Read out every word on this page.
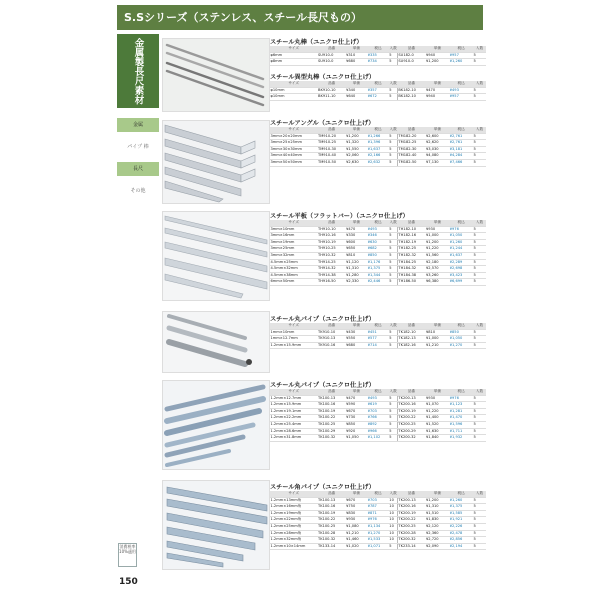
S.Sシリーズ（ステンレス、スチール長尺もの）
金属製長尺素材
金属
パイプ 棒
長尺
その他
消費税率 10%適用
150
スチール丸棒（ユニクロ仕上げ）
スチール異型丸棒（ユニクロ仕上げ）
スチールアングル（ユニクロ仕上げ）
スチール平板（フラットバー）（ユニクロ仕上げ）
スチール丸パイプ（ユニクロ仕上げ）
スチール丸パイプ（ユニクロ仕上げ）
スチール角パイプ（ユニクロ仕上げ）
サイズ	品番	単価	税込	入数	品番	単価	税込	入数
φ6mm	SU910-0	¥310	¥335	5	SU182-0	¥940	¥957	5
φ8mm	SU910-0	¥680	¥734	5	SU910-0	¥1,200	¥1,260	5
サイズ	品番	単価	税込	入数	品番	単価	税込	入数
φ10mm	BK910-10	¥340	¥357	5	BK182-10	¥470	¥493	5
φ10mm	BK911-10	¥640	¥672	5	BK182-10	¥940	¥957	5
サイズ	品番	単価	税込	入数	品番	単価	税込	入数
3mm×20×20mm	TM910-20	¥1,200	¥1,266	5	TM182-20	¥2,600	¥2,761	5
3mm×25×25mm	TM910-25	¥1,320	¥1,396	5	TM182-25	¥2,620	¥2,761	5
3mm×30×30mm	TM910-30	¥1,550	¥1,637	5	TM182-30	¥3,030	¥3,181	5
3mm×40×40mm	TM910-40	¥2,060	¥2,166	5	TM182-40	¥4,080	¥4,284	5
3mm×50×50mm	TM910-50	¥2,630	¥2,632	5	TM182-50	¥7,130	¥7,466	5
サイズ	品番	単価	税込	入数	品番	単価	税込	入数
3mm×10mm	TH910-10	¥470	¥493	5	TH182-10	¥930	¥976	5
3mm×16mm	TH910-16	¥330	¥346	5	TH182-16	¥1,000	¥1,050	5
3mm×19mm	TH910-19	¥600	¥630	5	TH182-19	¥1,200	¥1,260	5
3mm×25mm	TH910-25	¥650	¥682	5	TH182-25	¥1,220	¥1,244	5
3mm×32mm	TH910-32	¥810	¥850	5	TH182-32	¥1,560	¥1,637	5
4.5mm×25mm	TH914-25	¥1,120	¥1,176	5	TH184-25	¥2,180	¥2,289	5
4.5mm×32mm	TH914-32	¥1,310	¥1,375	5	TH184-32	¥2,570	¥2,698	5
4.5mm×38mm	TH914-38	¥1,280	¥1,344	5	TH184-38	¥3,260	¥3,423	5
6mm×50mm	TH916-50	¥2,330	¥2,446	5	TH186-50	¥6,380	¥6,699	5
サイズ	品番	単価	税込	入数	品番	単価	税込	入数
1mm×10mm	TK910-10	¥430	¥451	5	TK182-10	¥810	¥850	5
1mm×12.7mm	TK910-13	¥550	¥577	5	TK182-13	¥1,000	¥1,050	5
1.2mm×15.9mm	TK910-16	¥680	¥714	5	TK182-16	¥1,210	¥1,270	5
サイズ	品番	単価	税込	入数	品番	単価	税込	入数
1.2mm×12.7mm	TK100-13	¥470	¥493	5	TK200-13	¥930	¥976	5
1.2mm×15.9mm	TK100-16	¥590	¥619	5	TK200-16	¥1,070	¥1,123	5
1.2mm×19.1mm	TK100-19	¥670	¥703	5	TK200-19	¥1,220	¥1,281	5
1.2mm×22.2mm	TK100-22	¥730	¥766	5	TK200-22	¥1,400	¥1,470	5
1.2mm×25.4mm	TK100-25	¥850	¥892	5	TK200-25	¥1,520	¥1,596	5
1.2mm×28.6mm	TK100-29	¥920	¥966	5	TK200-29	¥1,630	¥1,711	5
1.2mm×31.8mm	TK100-32	¥1,050	¥1,102	5	TK200-32	¥1,840	¥1,932	5
サイズ	品番	単価	税込	入数	品番	単価	税込	入数
1.2mm×13mm角	TK100-13	¥670	¥703	10	TK200-13	¥1,200	¥1,260	5
1.2mm×16mm角	TK100-16	¥750	¥787	10	TK200-16	¥1,310	¥1,375	5
1.2mm×19mm角	TK100-19	¥830	¥871	10	TK200-19	¥1,510	¥1,585	5
1.2mm×22mm角	TK100-22	¥930	¥976	10	TK200-22	¥1,830	¥1,921	5
1.2mm×25mm角	TK100-25	¥1,080	¥1,134	10	TK200-25	¥2,120	¥2,226	5
1.2mm×28mm角	TK100-28	¥1,210	¥1,270	10	TK200-28	¥2,360	¥2,478	5
1.2mm×32mm角	TK100-32	¥1,460	¥1,533	10	TK200-32	¥2,720	¥2,856	5
1.2mm×10×14mm	TK133-14	¥1,020	¥1,071	5	TK233-14	¥2,090	¥2,194	5
